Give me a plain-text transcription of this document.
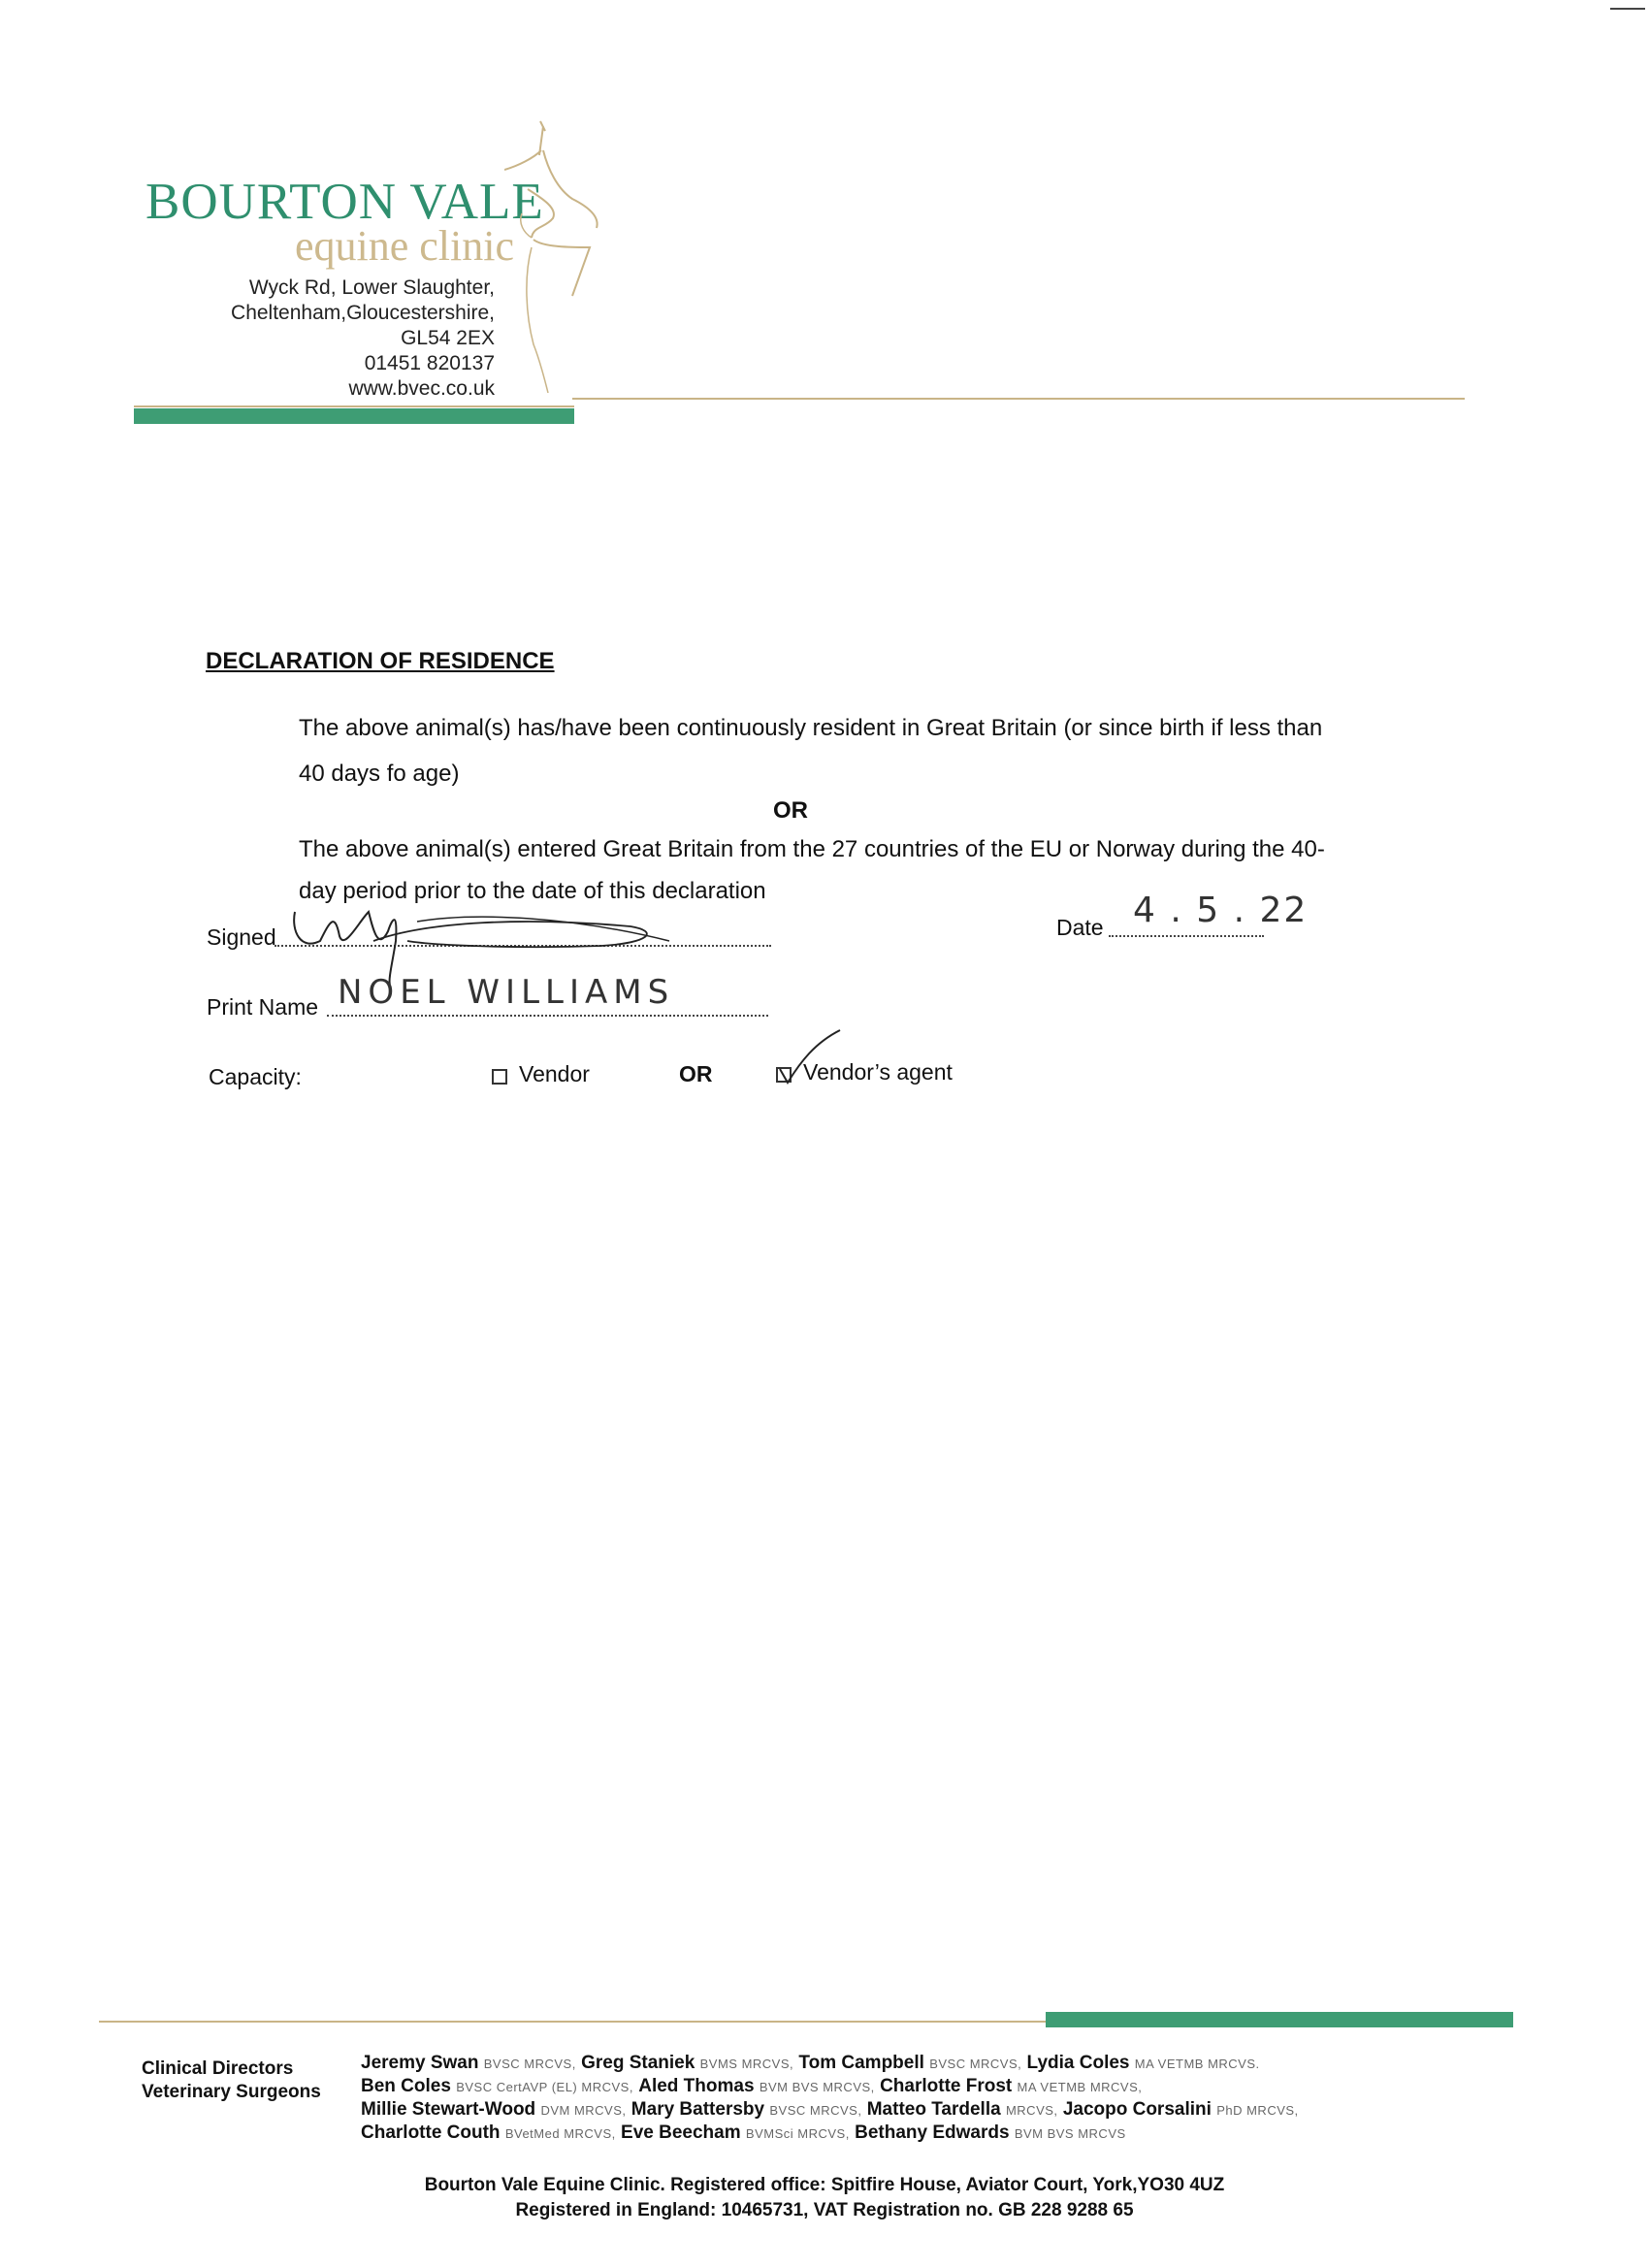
BOURTON VALE
equine clinic
Wyck Rd, Lower Slaughter,
Cheltenham,Gloucestershire,
GL54 2EX
01451 820137
www.bvec.co.uk
DECLARATION OF RESIDENCE
The above animal(s) has/have been continuously resident in Great Britain (or since birth if less than
40 days fo age)
OR
The above animal(s) entered Great Britain from the 27 countries of the EU or Norway during the 40-
day period prior to the date of this declaration
Signed	Date 4 . 5 . 22
Print Name NOEL WILLIAMS
Capacity:	Vendor	OR	Vendor’s agent
Clinical Directors
Veterinary Surgeons
Jeremy Swan BVSC MRCVS, Greg Staniek BVMS MRCVS, Tom Campbell BVSC MRCVS, Lydia Coles MA VETMB MRCVS.
Ben Coles BVSC CertAVP (EL) MRCVS, Aled Thomas BVM BVS MRCVS, Charlotte Frost MA VETMB MRCVS,
Millie Stewart-Wood DVM MRCVS, Mary Battersby BVSC MRCVS, Matteo Tardella MRCVS, Jacopo Corsalini PhD MRCVS,
Charlotte Couth BVetMed MRCVS, Eve Beecham BVMSci MRCVS, Bethany Edwards BVM BVS MRCVS
Bourton Vale Equine Clinic. Registered office: Spitfire House, Aviator Court, York,YO30 4UZ
Registered in England: 10465731, VAT Registration no. GB 228 9288 65
